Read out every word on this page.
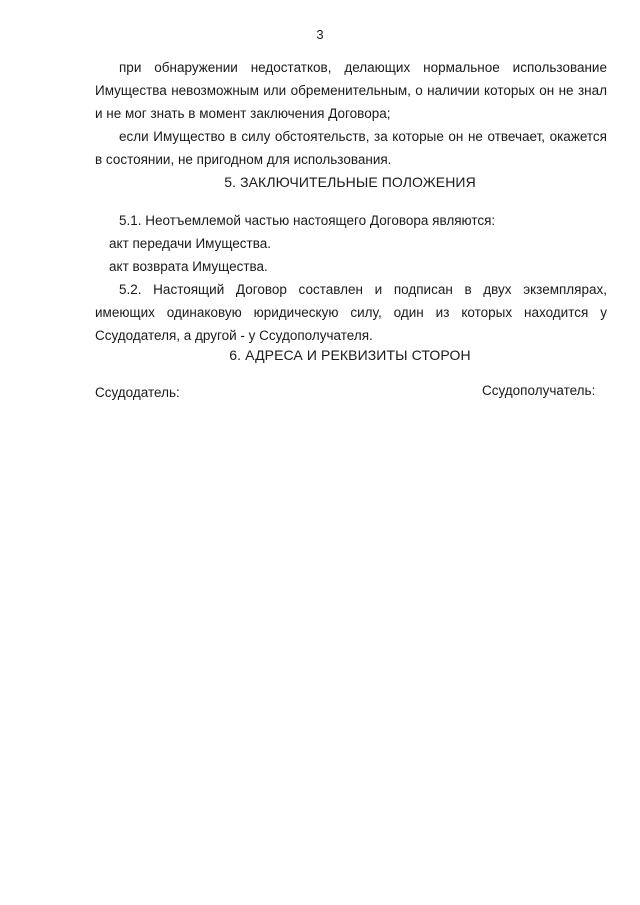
3

при обнаружении недостатков, делающих нормальное использование Имущества невозможным или обременительным, о наличии которых он не знал и не мог знать в момент заключения Договора;

если Имущество в силу обстоятельств, за которые он не отвечает, окажется в состоянии, не пригодном для использования.

5. ЗАКЛЮЧИТЕЛЬНЫЕ ПОЛОЖЕНИЯ

5.1. Неотъемлемой частью настоящего Договора являются:

акт передачи Имущества.

акт возврата Имущества.

5.2. Настоящий Договор составлен и подписан в двух экземплярах, имеющих одинаковую юридическую силу, один из которых находится у Ссудодателя, а другой - у Ссудополучателя.

6. АДРЕСА И РЕКВИЗИТЫ СТОРОН
Ссудодатель:	Ссудополучатель:
